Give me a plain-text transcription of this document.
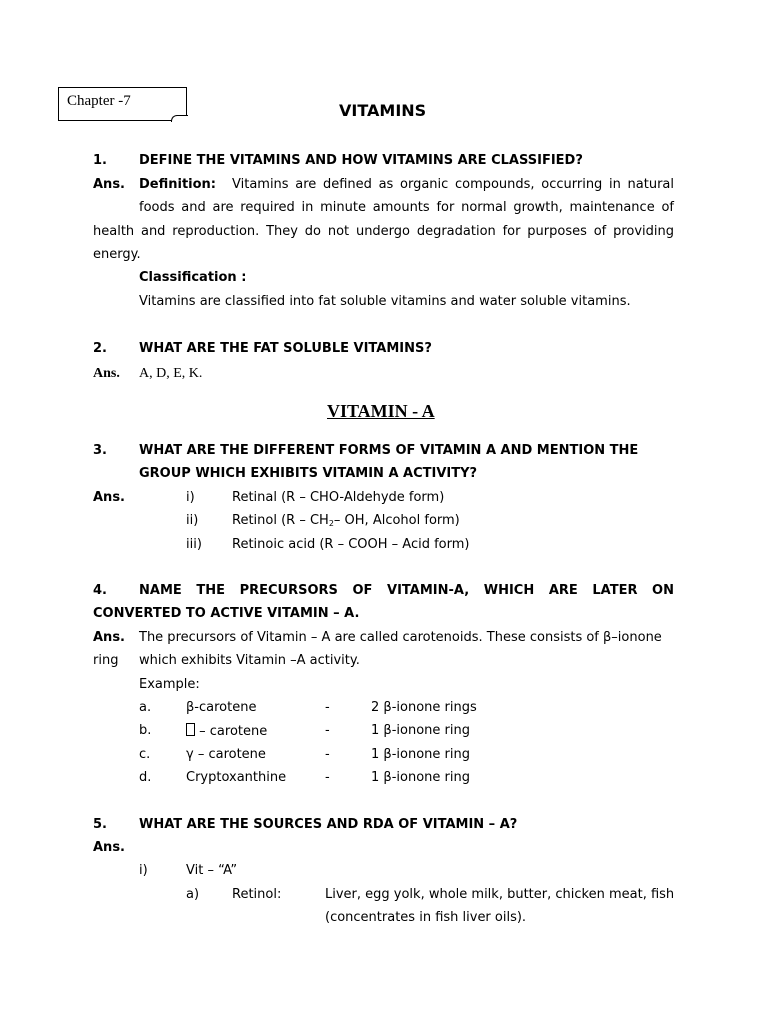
Chapter -7	VITAMINS
1. DEFINE THE VITAMINS AND HOW VITAMINS ARE CLASSIFIED?
Ans. Definition: Vitamins are defined as organic compounds, occurring in natural
foods and are required in minute amounts for normal growth, maintenance of
health and reproduction. They do not undergo degradation for purposes of providing
energy.
Classification :
Vitamins are classified into fat soluble vitamins and water soluble vitamins.
2. WHAT ARE THE FAT SOLUBLE VITAMINS?
Ans. A, D, E, K.
VITAMIN - A
3. WHAT ARE THE DIFFERENT FORMS OF VITAMIN A AND MENTION THE
GROUP WHICH EXHIBITS VITAMIN A ACTIVITY?
Ans.	i)	Retinal (R – CHO-Aldehyde form)
ii)	Retinol ($R - CH_2-$ OH, Alcohol form)
iii) Retinoic acid (R – COOH – Acid form)
4. NAME THE PRECURSORS OF VITAMIN-A, WHICH ARE LATER ON
CONVERTED TO ACTIVE VITAMIN – A.
Ans. The precursors of Vitamin – A are called carotenoids. These consists of β–ionone
ring which exhibits Vitamin –A activity.
Example:
a.	β-carotene	-	2 β-ionone rings
b.	– carotene	-	1 β-ionone ring
c.	γ – carotene	-	1 β-ionone ring
d.	Cryptoxanthine	-	1 β-ionone ring
5. WHAT ARE THE SOURCES AND RDA OF VITAMIN – A?
Ans.
i)	Vit – “A”
a)	Retinol:	Liver, egg yolk, whole milk, butter, chicken meat, fish
(concentrates in fish liver oils).
